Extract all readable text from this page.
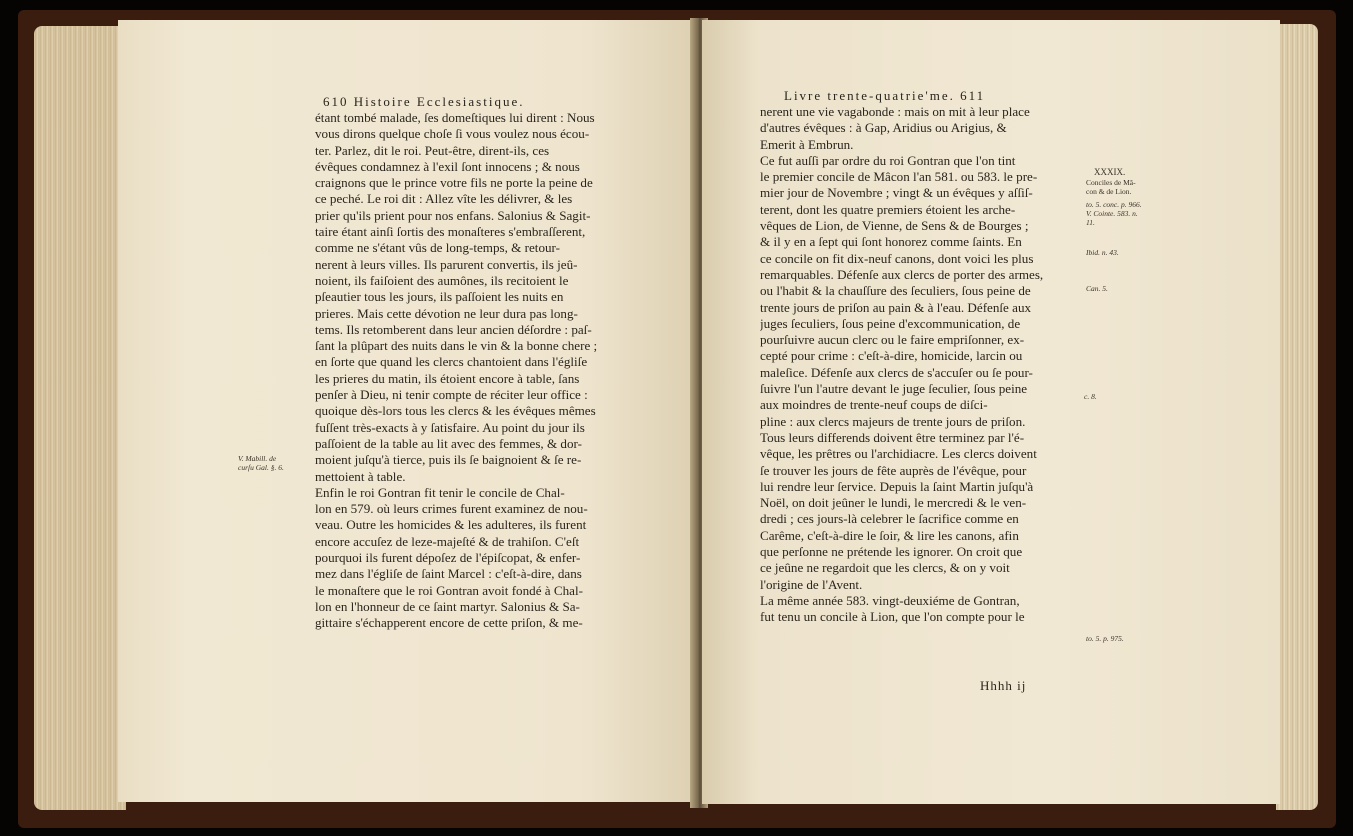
610 Histoire Ecclesiastique.
étant tombé malade, ſes domeſtiques lui dirent : Nous
vous dirons quelque choſe ſi vous voulez nous écou-
ter. Parlez, dit le roi. Peut-être, dirent-ils, ces
évêques condamnez à l'exil ſont innocens ; & nous
craignons que le prince votre fils ne porte la peine de
ce peché. Le roi dit : Allez vîte les délivrer, & les
prier qu'ils prient pour nos enfans. Salonius & Sagit-
taire étant ainſi ſortis des monaſteres s'embraſſerent,
comme ne s'étant vûs de long-temps, & retour-
nerent à leurs villes. Ils parurent convertis, ils jeû-
noient, ils faiſoient des aumônes, ils recitoient le
pſeautier tous les jours, ils paſſoient les nuits en
prieres. Mais cette dévotion ne leur dura pas long-
tems. Ils retomberent dans leur ancien déſordre : paſ-
ſant la plûpart des nuits dans le vin & la bonne chere ;
en ſorte que quand les clercs chantoient dans l'égliſe
les prieres du matin, ils étoient encore à table, ſans
penſer à Dieu, ni tenir compte de réciter leur office :
quoique dès-lors tous les clercs & les évêques mêmes
fuſſent très-exacts à y ſatisfaire. Au point du jour ils
paſſoient de la table au lit avec des femmes, & dor-
moient juſqu'à tierce, puis ils ſe baignoient & ſe re-
mettoient à table.
Enfin le roi Gontran fit tenir le concile de Chal-
lon en 579. où leurs crimes furent examinez de nou-
veau. Outre les homicides & les adulteres, ils furent
encore accuſez de leze-majeſté & de trahiſon. C'eſt
pourquoi ils furent dépoſez de l'épiſcopat, & enfer-
mez dans l'égliſe de ſaint Marcel : c'eſt-à-dire, dans
le monaſtere que le roi Gontran avoit fondé à Chal-
lon en l'honneur de ce ſaint martyr. Salonius & Sa-
gittaire s'échapperent encore de cette priſon, & me-
V. Mabill. de
curſu Gal. §. 6.
Livre trente-quatrie'me. 611
nerent une vie vagabonde : mais on mit à leur place
d'autres évêques : à Gap, Aridius ou Arigius, &
Emerit à Embrun.
Ce fut auſſi par ordre du roi Gontran que l'on tint
le premier concile de Mâcon l'an 581. ou 583. le pre-
mier jour de Novembre ; vingt & un évêques y aſſiſ-
terent, dont les quatre premiers étoient les arche-
vêques de Lion, de Vienne, de Sens & de Bourges ;
& il y en a ſept qui ſont honorez comme ſaints. En
ce concile on fit dix-neuf canons, dont voici les plus
remarquables. Défenſe aux clercs de porter des armes,
ou l'habit & la chauſſure des ſeculiers, ſous peine de
trente jours de priſon au pain & à l'eau. Défenſe aux
juges ſeculiers, ſous peine d'excommunication, de
pourſuivre aucun clerc ou le faire empriſonner, ex-
cepté pour crime : c'eſt-à-dire, homicide, larcin ou
maleſice. Défenſe aux clercs de s'accuſer ou ſe pour-
ſuivre l'un l'autre devant le juge ſeculier, ſous peine
aux moindres de trente-neuf coups de diſci-
pline : aux clercs majeurs de trente jours de priſon.
Tous leurs differends doivent être terminez par l'é-
vêque, les prêtres ou l'archidiacre. Les clercs doivent
ſe trouver les jours de fête auprès de l'évêque, pour
lui rendre leur ſervice. Depuis la ſaint Martin juſqu'à
Noël, on doit jeûner le lundi, le mercredi & le ven-
dredi ; ces jours-là celebrer le ſacrifice comme en
Carême, c'eſt-à-dire le ſoir, & lire les canons, afin
que perſonne ne prétende les ignorer. On croit que
ce jeûne ne regardoit que les clercs, & on y voit
l'origine de l'Avent.
La même année 583. vingt-deuxiéme de Gontran,
fut tenu un concile à Lion, que l'on compte pour le
Hhhh ij
XXXIX.
Conciles de Mâ-
con & de Lion.
to. 5. conc. p. 966.
V. Cointe. 583. n.
11.
Ibid. n. 43.
Can. 5.
c. 8.
to. 5. p. 975.
